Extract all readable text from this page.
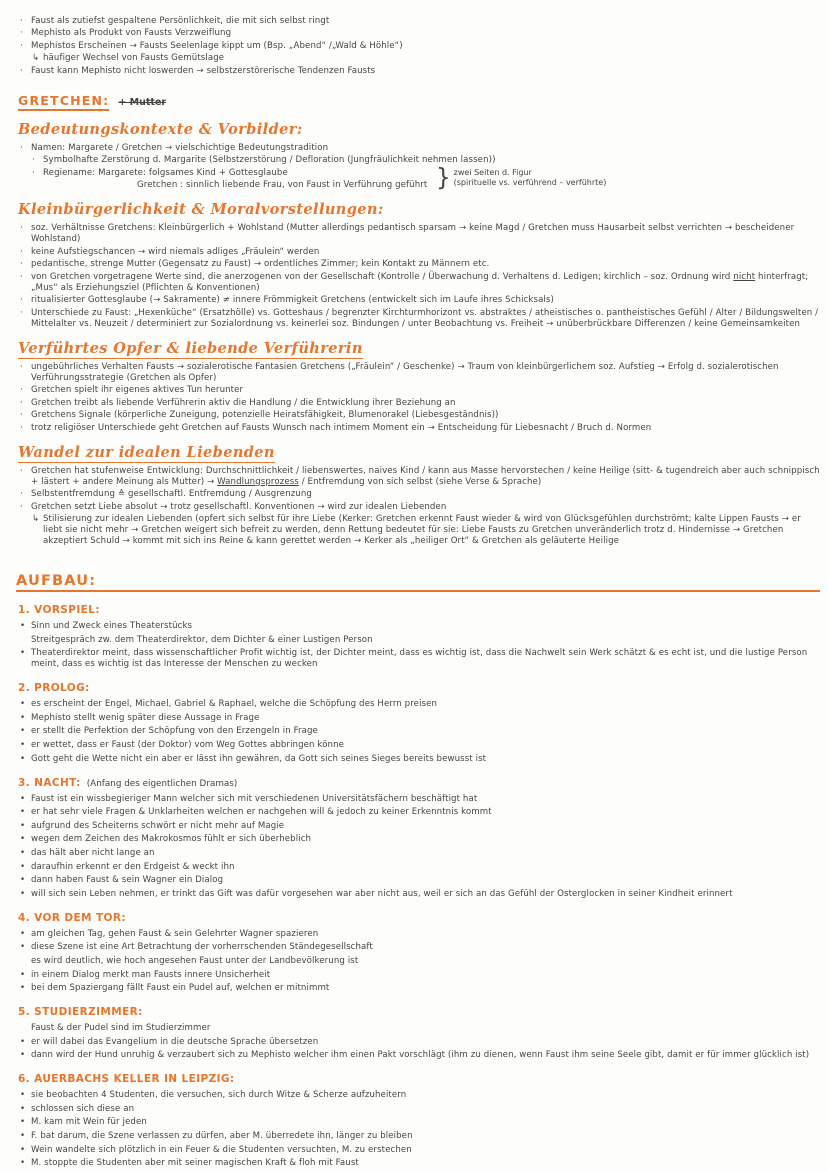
· Faust als zutiefst gespaltene Persönlichkeit, die mit sich selbst ringt
· Mephisto als Produkt von Fausts Verzweiflung
· Mephistos Erscheinen → Fausts Seelenlage kippt um (Bsp. „Abend“ /„Wald & Höhle“)
↳ häufiger Wechsel von Fausts Gemütslage
· Faust kann Mephisto nicht loswerden → selbstzerstörerische Tendenzen Fausts
GRETCHEN: + Mutter
Bedeutungskontexte & Vorbilder:
· Namen: Margarete / Gretchen → vielschichtige Bedeutungstradition
· Symbolhafte Zerstörung d. Margarite (Selbstzerstörung / Defloration (Jungfräulichkeit nehmen lassen))
· Regiename: Margarete: folgsames Kind + Gottesglaube
Gretchen : sinnlich liebende Frau, von Faust in Verführung geführt } zwei Seiten d. Figur
(spirituelle vs. verführend – verführte)
Kleinbürgerlichkeit & Moralvorstellungen:
· soz. Verhältnisse Gretchens: Kleinbürgerlich + Wohlstand (Mutter allerdings pedantisch sparsam → keine Magd / Gretchen muss Hausarbeit selbst verrichten → bescheidener Wohlstand)
· keine Aufstiegschancen → wird niemals adliges „Fräulein“ werden
· pedantische, strenge Mutter (Gegensatz zu Faust) → ordentliches Zimmer; kein Kontakt zu Männern etc.
· von Gretchen vorgetragene Werte sind, die anerzogenen von der Gesellschaft (Kontrolle / Überwachung d. Verhaltens d. Ledigen; kirchlich – soz. Ordnung wird nicht hinterfragt; „Mus“ als Erziehungsziel (Pflichten & Konventionen)
· ritualisierter Gottesglaube (→ Sakramente) ≠ innere Frömmigkeit Gretchens (entwickelt sich im Laufe ihres Schicksals)
· Unterschiede zu Faust: „Hexenküche“ (Ersatzhölle) vs. Gotteshaus / begrenzter Kirchturmhorizont vs. abstraktes / atheistisches o. pantheistisches Gefühl / Alter / Bildungswelten / Mittelalter vs. Neuzeit / determiniert zur Sozialordnung vs. keinerlei soz. Bindungen / unter Beobachtung vs. Freiheit → unüberbrückbare Differenzen / keine Gemeinsamkeiten
Verführtes Opfer & liebende Verführerin
· ungebührliches Verhalten Fausts → sozialerotische Fantasien Gretchens („Fräulein“ / Geschenke) → Traum von kleinbürgerlichem soz. Aufstieg → Erfolg d. sozialerotischen Verführungsstrategie (Gretchen als Opfer)
· Gretchen spielt ihr eigenes aktives Tun herunter
· Gretchen treibt als liebende Verführerin aktiv die Handlung / die Entwicklung ihrer Beziehung an
· Gretchens Signale (körperliche Zuneigung, potenzielle Heiratsfähigkeit, Blumenorakel (Liebesgeständnis))
· trotz religiöser Unterschiede geht Gretchen auf Fausts Wunsch nach intimem Moment ein → Entscheidung für Liebesnacht / Bruch d. Normen
Wandel zur idealen Liebenden
· Gretchen hat stufenweise Entwicklung: Durchschnittlichkeit / liebenswertes, naives Kind / kann aus Masse hervorstechen / keine Heilige (sitt- & tugendreich aber auch schnippisch + lästert + andere Meinung als Mutter) → Wandlungsprozess / Entfremdung von sich selbst (siehe Verse & Sprache)
· Selbstentfremdung ≙ gesellschaftl. Entfremdung / Ausgrenzung
· Gretchen setzt Liebe absolut → trotz gesellschaftl. Konventionen → wird zur idealen Liebenden
↳ Stilisierung zur idealen Liebenden (opfert sich selbst für ihre Liebe (Kerker: Gretchen erkennt Faust wieder & wird von Glücksgefühlen durchströmt; kalte Lippen Fausts → er liebt sie nicht mehr → Gretchen weigert sich befreit zu werden, denn Rettung bedeutet für sie: Liebe Fausts zu Gretchen unveränderlich trotz d. Hindernisse → Gretchen akzeptiert Schuld → kommt mit sich ins Reine & kann gerettet werden → Kerker als „heiliger Ort“ & Gretchen als geläuterte Heilige
AUFBAU:
1. VORSPIEL:
• Sinn und Zweck eines Theaterstücks
Streitgespräch zw. dem Theaterdirektor, dem Dichter & einer Lustigen Person
• Theaterdirektor meint, dass wissenschaftlicher Profit wichtig ist, der Dichter meint, dass es wichtig ist, dass die Nachwelt sein Werk schätzt & es echt ist, und die lustige Person meint, dass es wichtig ist das Interesse der Menschen zu wecken
2. PROLOG:
• es erscheint der Engel, Michael, Gabriel & Raphael, welche die Schöpfung des Herrn preisen
• Mephisto stellt wenig später diese Aussage in Frage
• er stellt die Perfektion der Schöpfung von den Erzengeln in Frage
• er wettet, dass er Faust (der Doktor) vom Weg Gottes abbringen könne
• Gott geht die Wette nicht ein aber er lässt ihn gewähren, da Gott sich seines Sieges bereits bewusst ist
3. NACHT: (Anfang des eigentlichen Dramas)
• Faust ist ein wissbegieriger Mann welcher sich mit verschiedenen Universitätsfächern beschäftigt hat
• er hat sehr viele Fragen & Unklarheiten welchen er nachgehen will & jedoch zu keiner Erkenntnis kommt
• aufgrund des Scheiterns schwört er nicht mehr auf Magie
• wegen dem Zeichen des Makrokosmos fühlt er sich überheblich
• das hält aber nicht lange an
• daraufhin erkennt er den Erdgeist & weckt ihn
• dann haben Faust & sein Wagner ein Dialog
• will sich sein Leben nehmen, er trinkt das Gift was dafür vorgesehen war aber nicht aus, weil er sich an das Gefühl der Osterglocken in seiner Kindheit erinnert
4. VOR DEM TOR:
• am gleichen Tag, gehen Faust & sein Gelehrter Wagner spazieren
• diese Szene ist eine Art Betrachtung der vorherrschenden Ständegesellschaft
es wird deutlich, wie hoch angesehen Faust unter der Landbevölkerung ist
• in einem Dialog merkt man Fausts innere Unsicherheit
• bei dem Spaziergang fällt Faust ein Pudel auf, welchen er mitnimmt
5. STUDIERZIMMER:
Faust & der Pudel sind im Studierzimmer
• er will dabei das Evangelium in die deutsche Sprache übersetzen
• dann wird der Hund unruhig & verzaubert sich zu Mephisto welcher ihm einen Pakt vorschlägt (ihm zu dienen, wenn Faust ihm seine Seele gibt, damit er für immer glücklich ist)
6. AUERBACHS KELLER IN LEIPZIG:
• sie beobachten 4 Studenten, die versuchen, sich durch Witze & Scherze aufzuheitern
• schlossen sich diese an
• M. kam mit Wein für jeden
• F. bat darum, die Szene verlassen zu dürfen, aber M. überredete ihn, länger zu bleiben
• Wein wandelte sich plötzlich in ein Feuer & die Studenten versuchten, M. zu erstechen
• M. stoppte die Studenten aber mit seiner magischen Kraft & floh mit Faust
